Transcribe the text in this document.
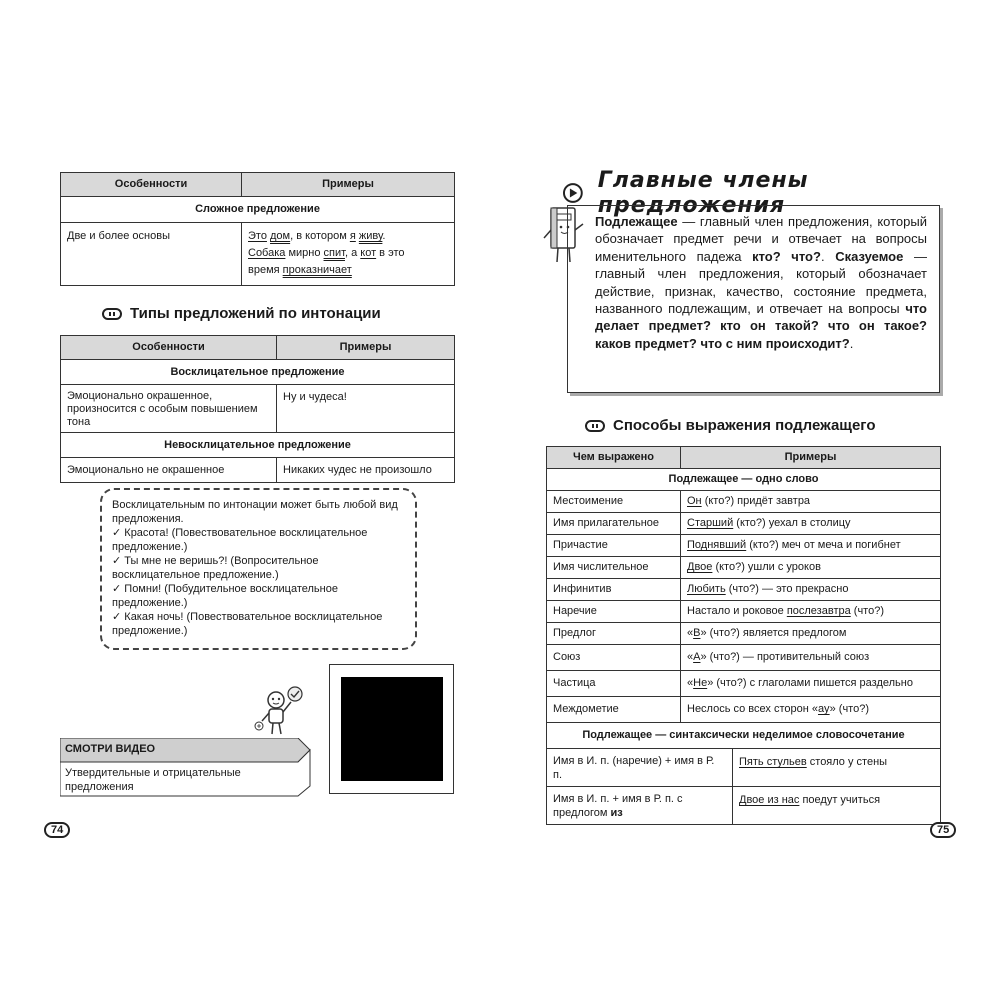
Особенности	Примеры
Сложное предложение	
Две и более основы	Это дом, в котором я живу.
Собака мирно спит, а кот в это
время проказничает
Типы предложений по интонации
Особенности	Примеры
Восклицательное предложение	
Эмоционально окрашенное, произносится с особым повышением тона	Ну и чудеса!
Невосклицательное предложение	
Эмоционально не окрашенное	Никаких чудес не произошло
Восклицательным по интонации может быть любой вид предложения.
✓ Красота! (Повествовательное восклицательное предложение.)
✓ Ты мне не веришь?! (Вопросительное восклицательное предложение.)
✓ Помни! (Побудительное восклицательное предложение.)
✓ Какая ночь! (Повествовательное восклицательное предложение.)
СМОТРИ ВИДЕО
Утвердительные и отрицательные предложения
74
Главные члены предложения
Подлежащее — главный член предложения, который обозначает предмет речи и отвечает на вопросы именительного падежа кто? что?. Сказуемое — главный член предложения, который обозначает действие, признак, качество, состояние предмета, названного подлежащим, и отвечает на вопросы что делает предмет? кто он такой? что он такое? каков предмет? что с ним происходит?.
Способы выражения подлежащего
Чем выражено	Примеры	
Подлежащее — одно слово		
Местоимение	Он (кто?) придёт завтра	
Имя прилагательное	Старший (кто?) уехал в столицу	
Причастие	Поднявший (кто?) меч от меча и погибнет	
Имя числительное	Двое (кто?) ушли с уроков	
Инфинитив	Любить (что?) — это прекрасно	
Наречие	Настало и роковое послезавтра (что?)	
Предлог	«В» (что?) является предлогом	
Союз	«А» (что?) — противительный союз	
Частица	«Не» (что?) с глаголами пишется раздельно	
Междометие	Неслось со всех сторон «ау» (что?)	
Подлежащее — синтаксически неделимое словосочетание		
Имя в И. п. (наречие) + имя в Р. п.		Пять стульев стояло у стены
Имя в И. п. + имя в Р. п. с предлогом из		Двое из нас поедут учиться
75
